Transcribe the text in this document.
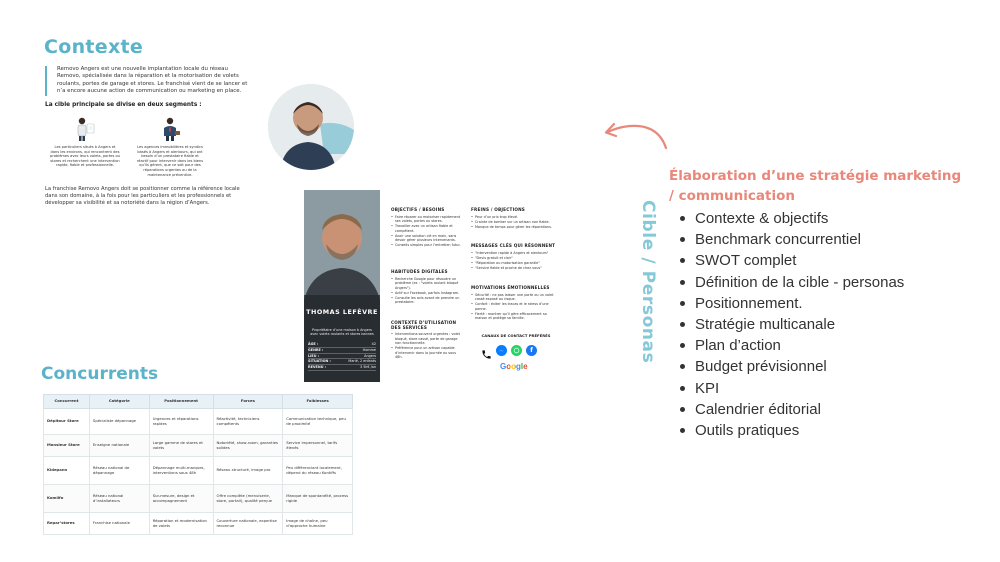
Contexte
Removo Angers est une nouvelle implantation locale du réseau Removo, spécialisée dans la réparation et la motorisation de volets roulants, portes de garage et stores. Le franchisé vient de se lancer et n’a encore aucune action de communication ou marketing en place.
La cible principale se divise en deux segments :
Les particuliers situés à Angers et dans les environs, qui rencontrent des problèmes avec leurs volets, portes ou stores et recherchent une intervention rapide, fiable et professionnelle.
Les agences immobilières et syndics basés à Angers et alentours, qui ont besoin d’un prestataire fiable et réactif pour intervenir dans les biens qu’ils gèrent, que ce soit pour des réparations urgentes ou de la maintenance préventive.
La franchise Removo Angers doit se positionner comme la référence locale dans son domaine, à la fois pour les particuliers et les professionnels et développer sa visibilité et sa notoriété dans la région d’Angers.
THOMAS LEFÈVRE
Propriétaire d’une maison à Angers avec volets roulants et stores bannes
ÂGE :	42
GENRE :	Homme
LIEU :	Angers
SITUATION :	Marié, 2 enfants
REVENU :	3 5k€ /an
OBJECTIFS / BESOINS
• Faire réparer ou motoriser rapidement ses volets, portes ou stores.
• Travailler avec un artisan fiable et compétent.
• Avoir une solution clé en main, sans devoir gérer plusieurs intervenants.
• Conseils simples pour l’entretien futur.
HABITUDES DIGITALES
• Recherche Google pour résoudre un problème (ex : "volets roulant bloqué Angers").
• Actif sur Facebook, parfois Instagram.
• Consulte les avis avant de prendre un prestataire.
CONTEXTE D’UTILISATION DES SERVICES
• Interventions souvent urgentes : volet bloqué, store cassé, porte de garage non fonctionnelle.
• Préférence pour un artisan capable d’intervenir dans la journée ou sous 48h.
FREINS / OBJECTIONS
• Peur d’un prix trop élevé.
• Crainte de tomber sur un artisan non fiable.
• Manque de temps pour gérer les réparations.
MESSAGES CLÉS QUI RÉSONNENT
• "Intervention rapide à Angers et alentours"
• "Devis gratuit et clair"
• "Réparation ou motorisation garantie"
• "Service fiable et proche de chez vous"
MOTIVATIONS ÉMOTIONNELLES
• Sécurité : ne pas laisser une porte ou un volet cassé exposé au risque.
• Confort : éviter les tracas et le stress d’une panne.
• Fierté : montrer qu’il gère efficacement sa maison et protège sa famille.
CANAUX DE CONTACT PRÉFÉRÉS
f
Google
Cible / Personas
Élaboration d’une stratégie marketing / communication
Contexte & objectifs
Benchmark concurrentiel
SWOT complet
Définition de la cible - personas
Positionnement.
Stratégie multicanale
Plan d’action
Budget prévisionnel
KPI
Calendrier éditorial
Outils pratiques
Concurrents
Concurrent	Catégorie	Positionnement	Forces	Faiblesses
Dépitour Store	Spécialiste dépannage	Urgences et réparations rapides	Réactivité, techniciens compétents	Communication technique, peu de proximité
Monsieur Store	Enseigne nationale	Large gamme de stores et volets	Notoriété, show-room, garanties solides	Service impersonnel, tarifs élevés
Kidepann	Réseau national de dépannage	Dépannage multi-marques, interventions sous 48h	Réseau structuré, image pro	Peu différenciant localement, dépend du réseau Kontiffs
Komilfo	Réseau national d’installateurs	Sur-mesure, design et accompagnement	Offre complète (menuiserie, store, portail), qualité perçue	Manque de spontanéité, process rigide
Repar’stores	Franchise nationale	Réparation et modernisation de volets	Couverture nationale, expertise reconnue	Image de chaîne, peu d’approche humaine
